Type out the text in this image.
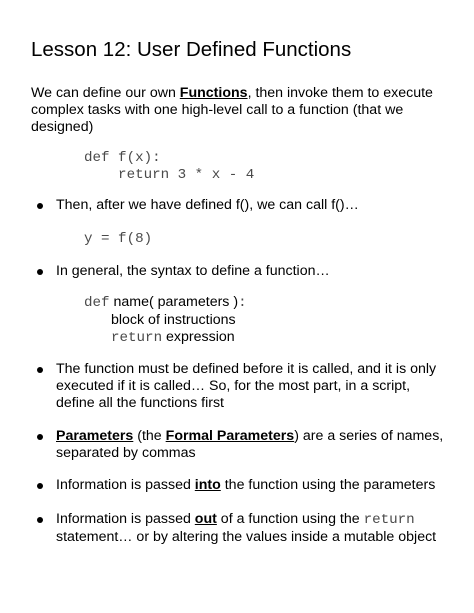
Lesson 12: User Defined Functions
We can define our own Functions, then invoke them to execute complex tasks with one high-level call to a function (that we designed)
def f(x):
return 3 * x - 4
Then, after we have defined f(), we can call f()…
y = f(8)
In general, the syntax to define a function…
def name( parameters ):
block of instructions
return expression
The function must be defined before it is called, and it is only executed if it is called… So, for the most part, in a script, define all the functions first
Parameters (the Formal Parameters) are a series of names, separated by commas
Information is passed into the function using the parameters
Information is passed out of a function using the return statement… or by altering the values inside a mutable object
